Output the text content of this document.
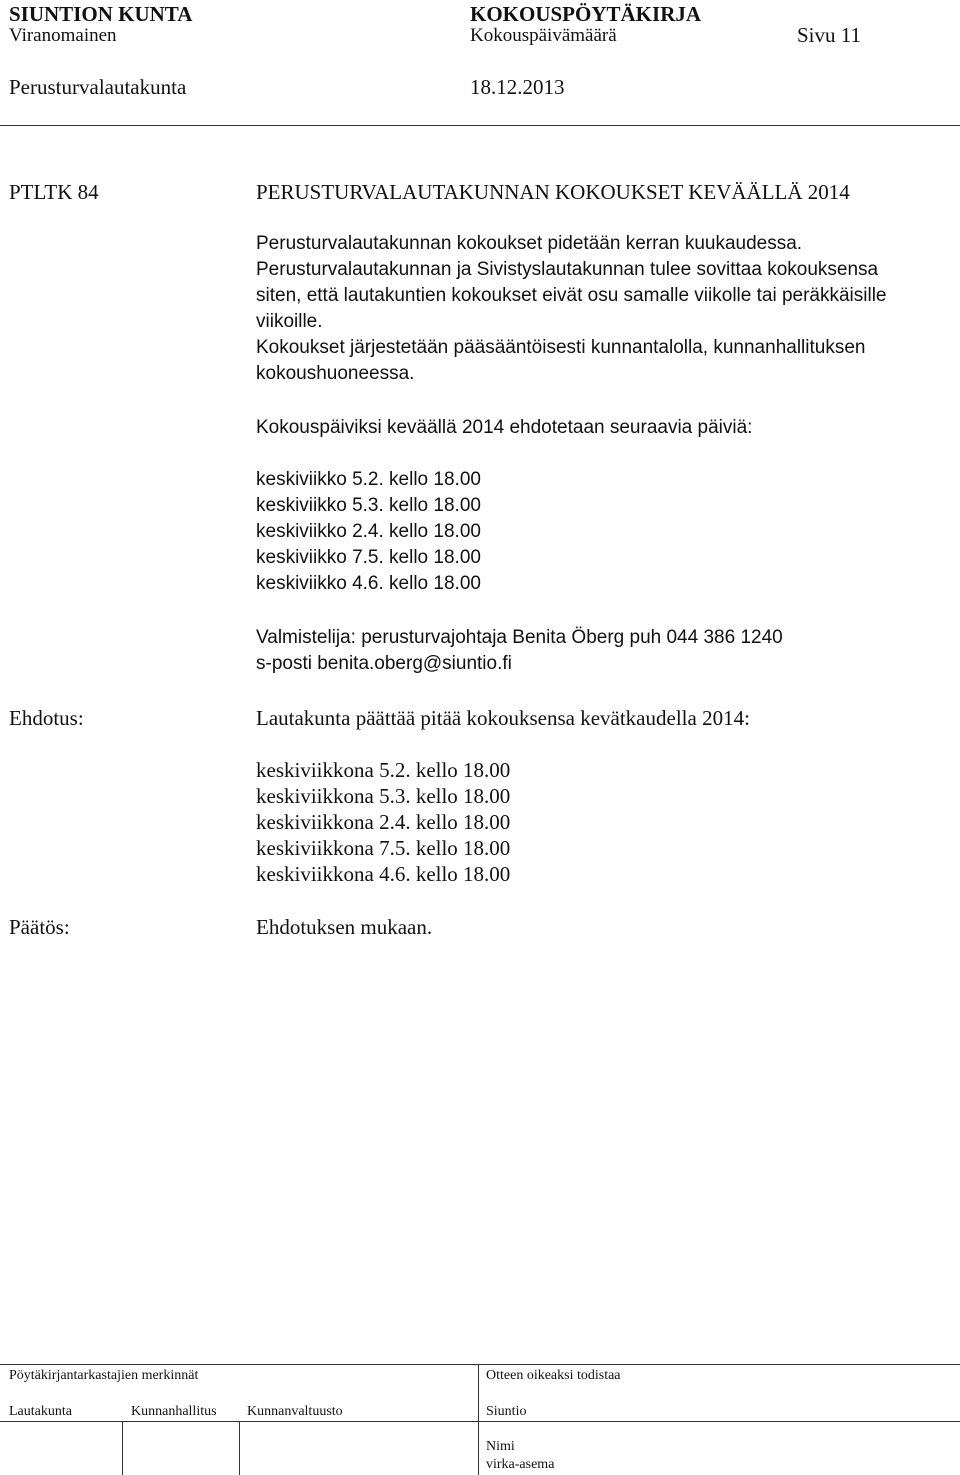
SIUNTION KUNTA	KOKOUSPÖYTÄKIRJA
Viranomainen	Kokouspäivämäärä	Sivu 11
Perusturvalautakunta	18.12.2013
PTLTK 84	PERUSTURVALAUTAKUNNAN KOKOUKSET KEVÄÄLLÄ 2014

Perusturvalautakunnan kokoukset pidetään kerran kuukaudessa.
Perusturvalautakunnan ja Sivistyslautakunnan tulee sovittaa kokouksensa
siten, että lautakuntien kokoukset eivät osu samalle viikolle tai peräkkäisille
viikoille.
Kokoukset järjestetään pääsääntöisesti kunnantalolla, kunnanhallituksen
kokoushuoneessa.

Kokouspäiviksi keväällä 2014 ehdotetaan seuraavia päiviä:
keskiviikko 5.2. kello 18.00
keskiviikko 5.3. kello 18.00
keskiviikko 2.4. kello 18.00
keskiviikko 7.5. kello 18.00
keskiviikko 4.6. kello 18.00
Valmistelija: perusturvajohtaja Benita Öberg puh 044 386 1240
s-posti benita.oberg@siuntio.fi
Ehdotus:	Lautakunta päättää pitää kokouksensa kevätkaudella 2014:
keskiviikkona 5.2. kello 18.00
keskiviikkona 5.3. kello 18.00
keskiviikkona 2.4. kello 18.00
keskiviikkona 7.5. kello 18.00
keskiviikkona 4.6. kello 18.00
Päätös:	Ehdotuksen mukaan.
Pöytäkirjantarkastajien merkinnät	Otteen oikeaksi todistaa
Lautakunta	Kunnanhallitus Kunnanvaltuusto	Siuntio
Nimi
virka-asema
